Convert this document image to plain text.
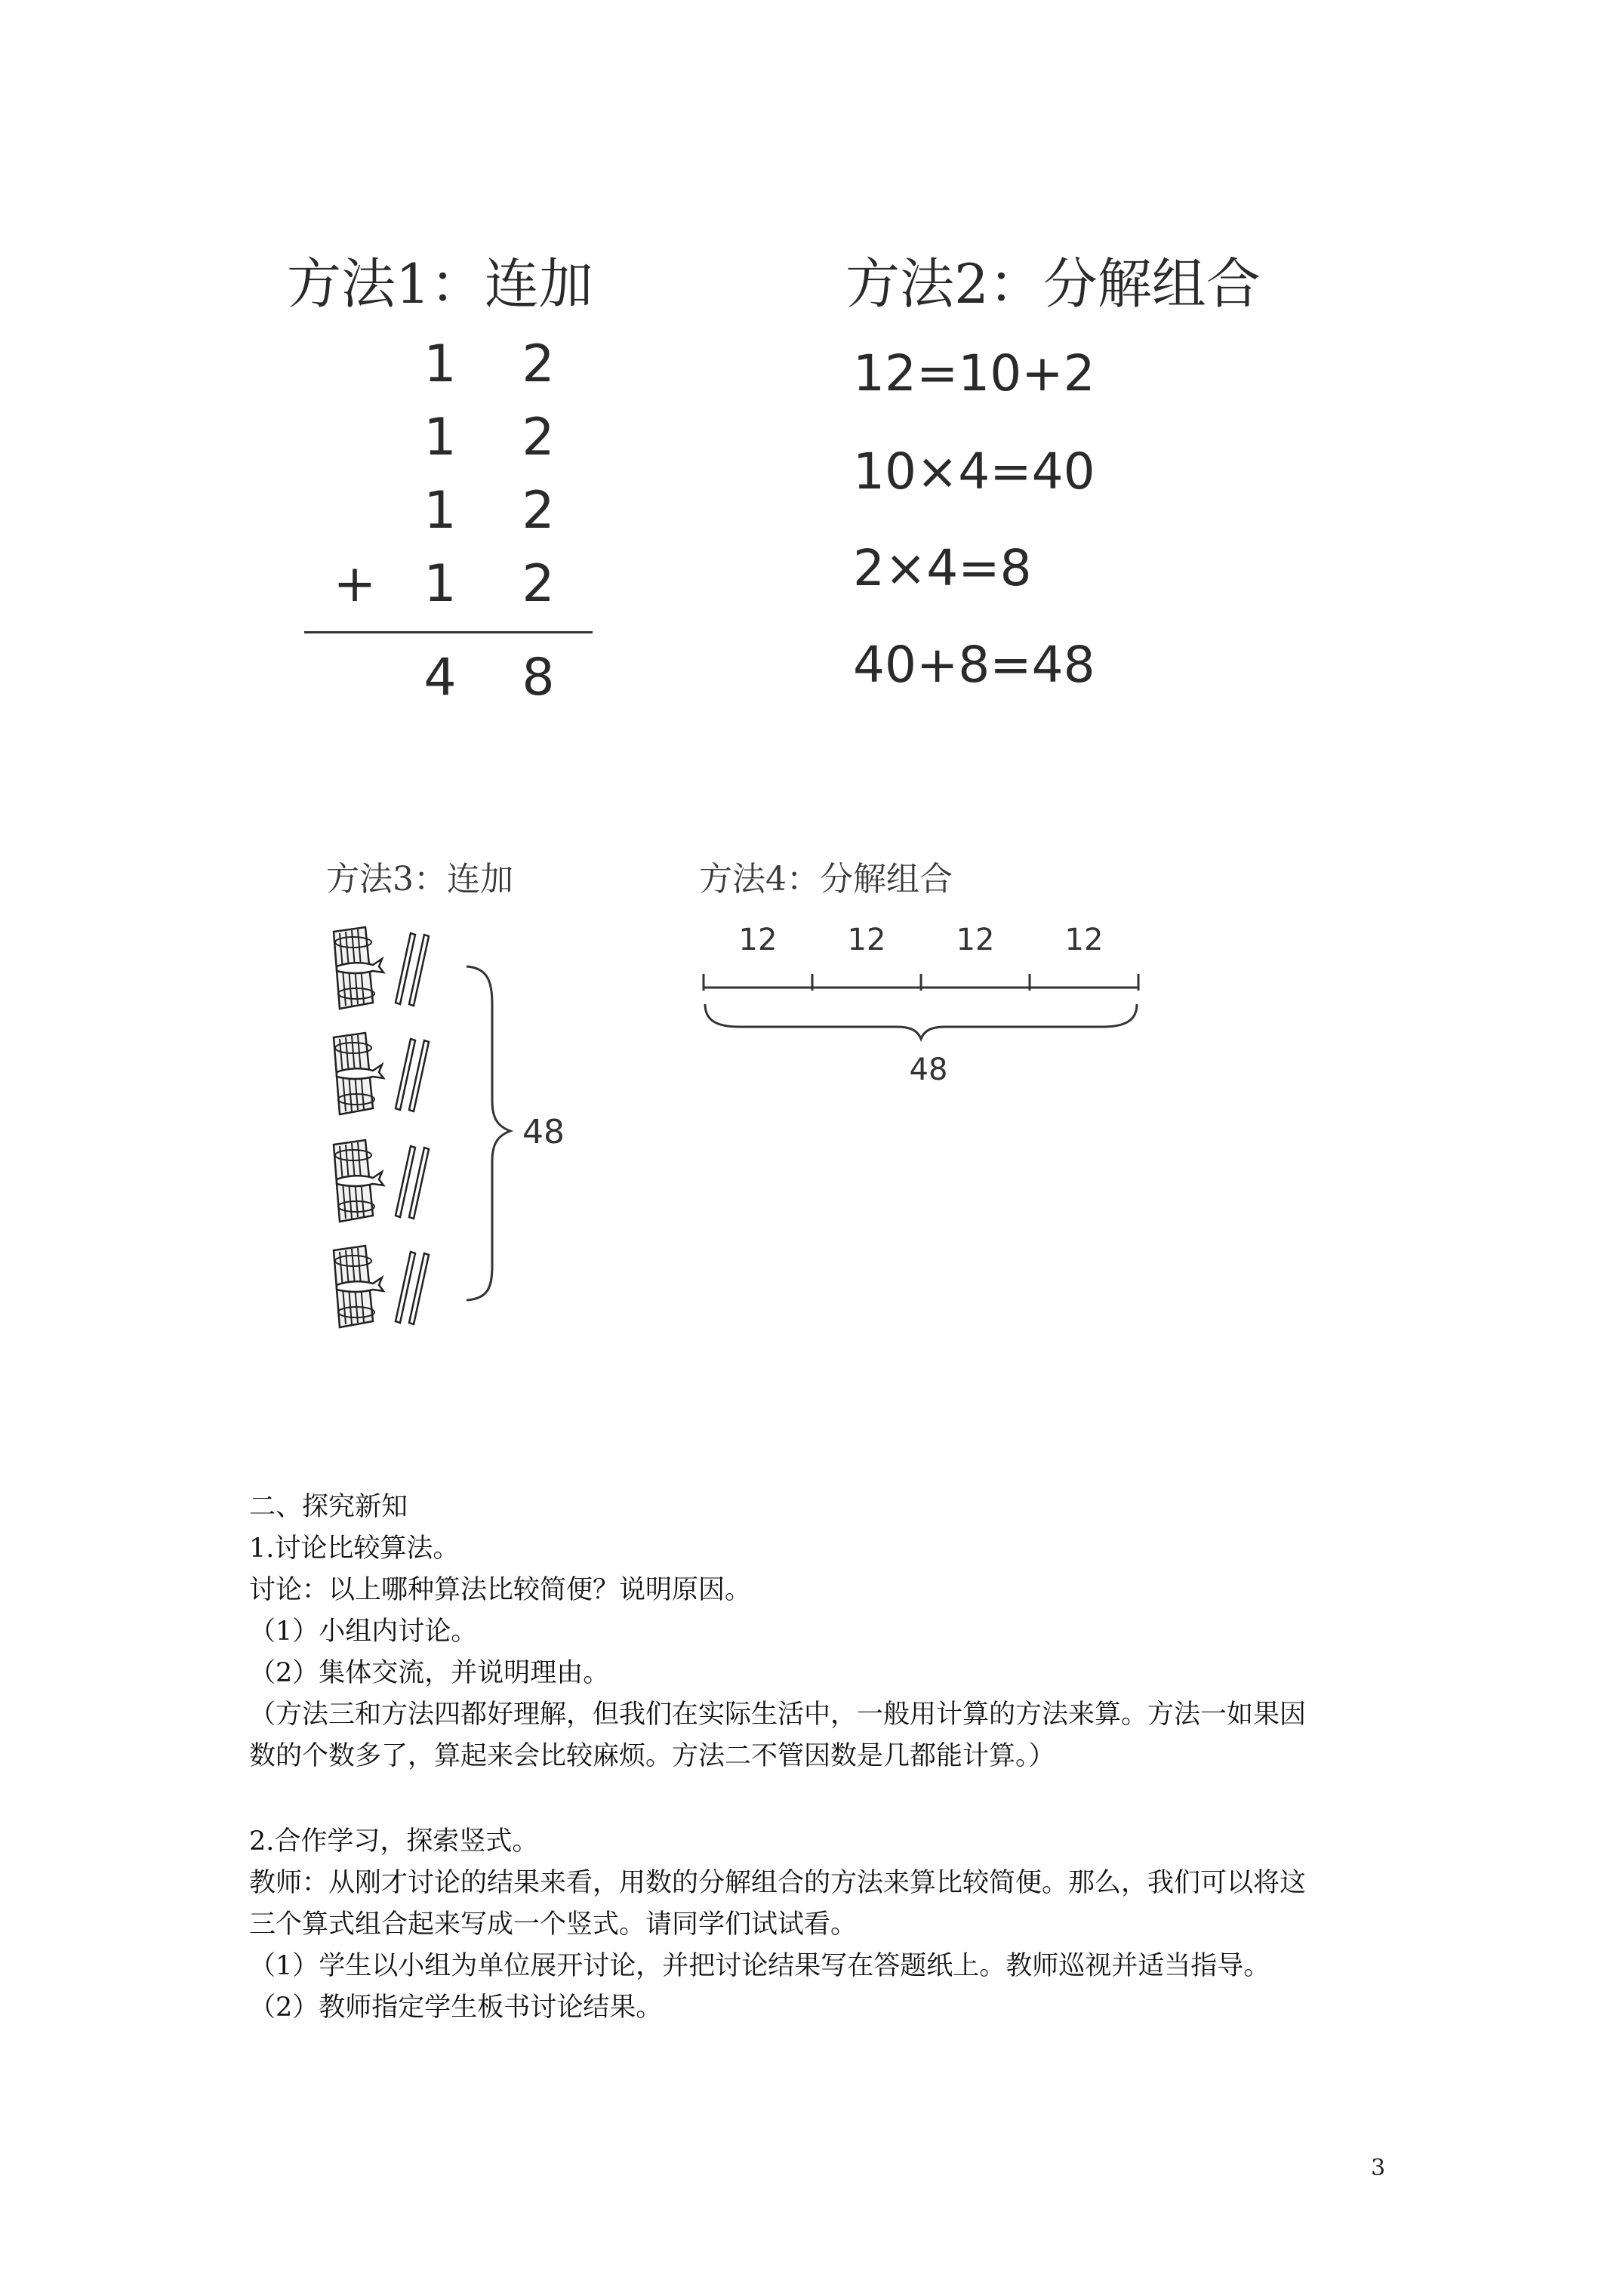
方法1：连加
1 2
1 2
1 2
+ 1 2
4 8
方法2：分解组合
12=10+2
10×4=40
2×4=8
40+8=48
方法3：连加
48
方法4：分解组合
12	12	12	12
48
二、探究新知
1.讨论比较算法。
讨论：以上哪种算法比较简便？说明原因。
（1）小组内讨论。
（2）集体交流，并说明理由。
（方法三和方法四都好理解，但我们在实际生活中，一般用计算的方法来算。方法一如果因
数的个数多了，算起来会比较麻烦。方法二不管因数是几都能计算。）
2.合作学习，探索竖式。
教师：从刚才讨论的结果来看，用数的分解组合的方法来算比较简便。那么，我们可以将这
三个算式组合起来写成一个竖式。请同学们试试看。
（1）学生以小组为单位展开讨论，并把讨论结果写在答题纸上。教师巡视并适当指导。
（2）教师指定学生板书讨论结果。
3
